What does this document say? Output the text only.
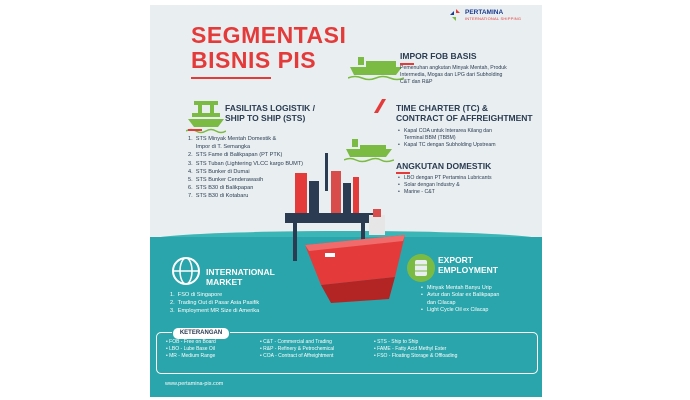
PERTAMINA
INTERNATIONAL SHIPPING
SEGMENTASI
BISNIS PIS	IMPOR FOB BASIS
Pemenuhan angkutan Minyak Mentah, Produk
Intermedia, Mogas dan LPG dari Subholding
C&T dan R&P
FASILITAS LOGISTIK /
SHIP TO SHIP (STS)
1.  STS Minyak Mentah Domestik &
Impor di T. Semangka
2.  STS Fame di Balikpapan (PT PTK)
3.  STS Tuban (Lightering VLCC kargo BUMT)
4.  STS Bunker di Dumai
5.  STS Bunker Cenderawasih
6.  STS B30 di Balikpapan
7.  STS B30 di Kotabaru
TIME CHARTER (TC) &
CONTRACT OF AFFREIGHTMENT
• Kapal COA untuk Interarea Kilang dan
Terminal BBM (TBBM)
• Kapal TC dengan Subholding Upstream
ANGKUTAN DOMESTIK
• LBO dengan PT Pertamina Lubricants
• Solar dengan Industry &
• Marine - C&T
INTERNATIONAL
MARKET
1.  FSO di Singapore
2.  Trading Out di Pasar Asia Pasifik
3.  Employment MR Size di Amerika
EXPORT
EMPLOYMENT
• Minyak Mentah Banyu Urip
• Avtur dan Solar ex Balikpapan
dan Cilacap
• Light Cycle Oil ex Cilacap
KETERANGAN
• FOB - Free on Board
• LBO - Lube Base Oil
• MR - Medium Range
• C&T - Commercial and Trading
• R&P - Refinery & Petrochemical
• COA - Contract of Affreightment
• STS - Ship to Ship
• FAME - Fatty Acid Methyl Ester
• FSO - Floating Storage & Offloading
www.pertamina-pis.com
